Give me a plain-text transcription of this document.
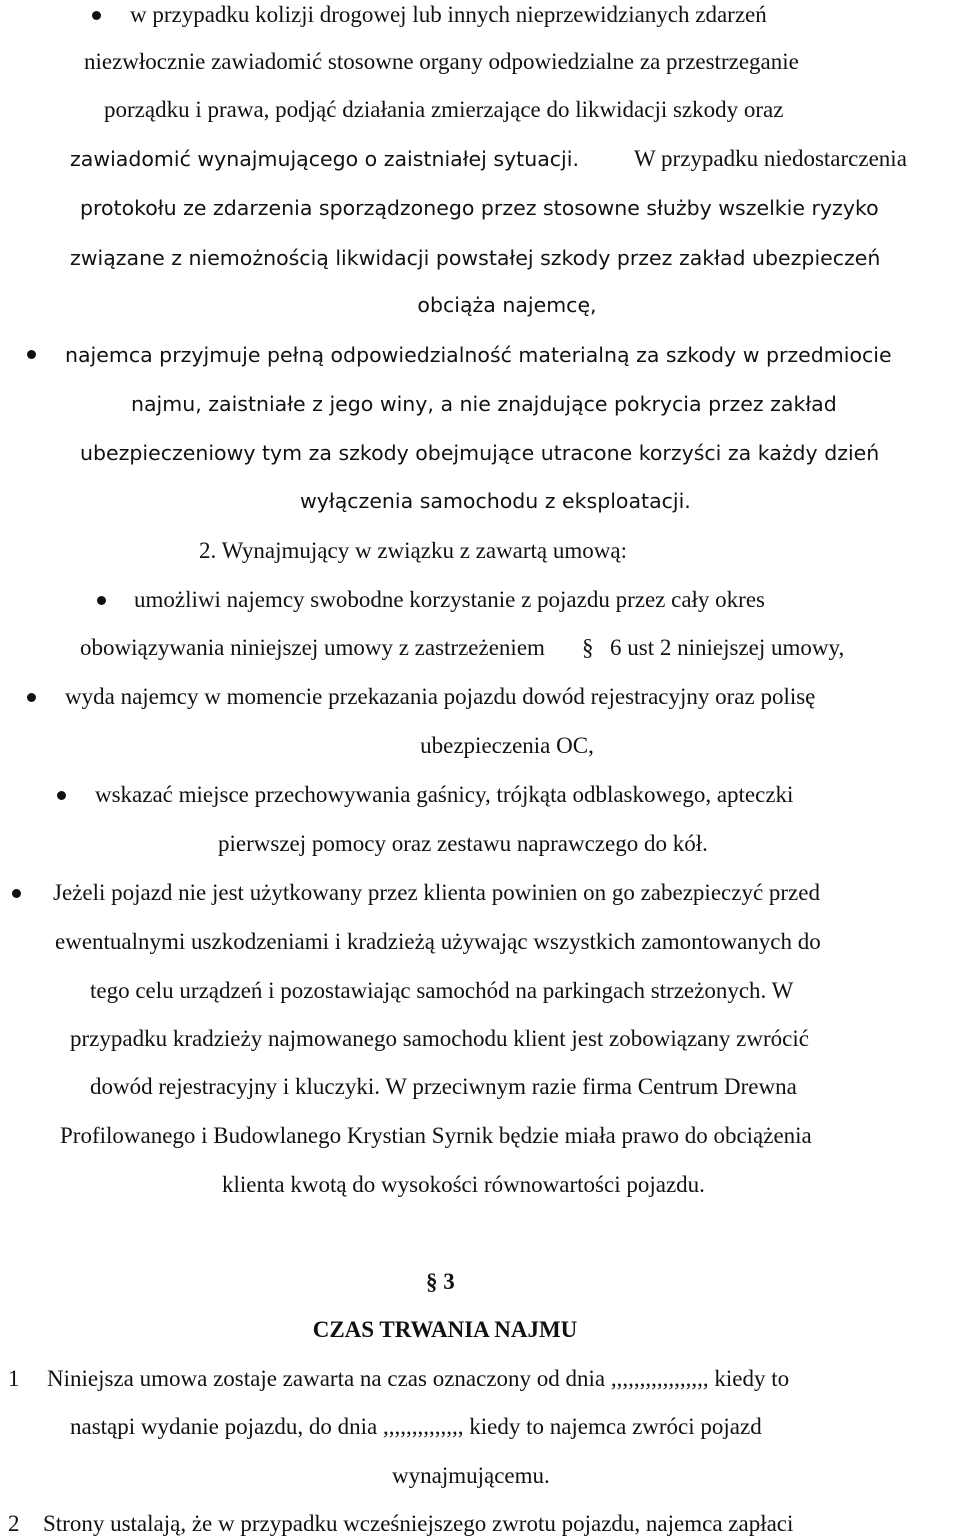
w przypadku kolizji drogowej lub innych nieprzewidzianych zdarzeń
niezwłocznie zawiadomić stosowne organy odpowiedzialne za przestrzeganie
porządku i prawa, podjąć działania zmierzające do likwidacji szkody oraz
zawiadomić wynajmującego o zaistniałej sytuacji. W przypadku niedostarczenia
protokołu ze zdarzenia sporządzonego przez stosowne służby wszelkie ryzyko
związane z niemożnością likwidacji powstałej szkody przez zakład ubezpieczeń
obciąża najemcę,
najemca przyjmuje pełną odpowiedzialność materialną za szkody w przedmiocie
najmu, zaistniałe z jego winy, a nie znajdujące pokrycia przez zakład
ubezpieczeniowy tym za szkody obejmujące utracone korzyści za każdy dzień
wyłączenia samochodu z eksploatacji.
2. Wynajmujący w związku z zawartą umową:
umożliwi najemcy swobodne korzystanie z pojazdu przez cały okres
obowiązywania niniejszej umowy z zastrzeżeniem § 6 ust 2 niniejszej umowy,
wyda najemcy w momencie przekazania pojazdu dowód rejestracyjny oraz polisę
ubezpieczenia OC,
wskazać miejsce przechowywania gaśnicy, trójkąta odblaskowego, apteczki
pierwszej pomocy oraz zestawu naprawczego do kół.
Jeżeli pojazd nie jest użytkowany przez klienta powinien on go zabezpieczyć przed
ewentualnymi uszkodzeniami i kradzieżą używając wszystkich zamontowanych do
tego celu urządzeń i pozostawiając samochód na parkingach strzeżonych. W
przypadku kradzieży najmowanego samochodu klient jest zobowiązany zwrócić
dowód rejestracyjny i kluczyki. W przeciwnym razie firma Centrum Drewna
Profilowanego i Budowlanego Krystian Syrnik będzie miała prawo do obciążenia
klienta kwotą do wysokości równowartości pojazdu.
§ 3
CZAS TRWANIA NAJMU
1 Niniejsza umowa zostaje zawarta na czas oznaczony od dnia ,,,,,,,,,,,,,,,,, kiedy to
nastąpi wydanie pojazdu, do dnia ,,,,,,,,,,,,,, kiedy to najemca zwróci pojazd
wynajmującemu.
2 Strony ustalają, że w przypadku wcześniejszego zwrotu pojazdu, najemca zapłaci
